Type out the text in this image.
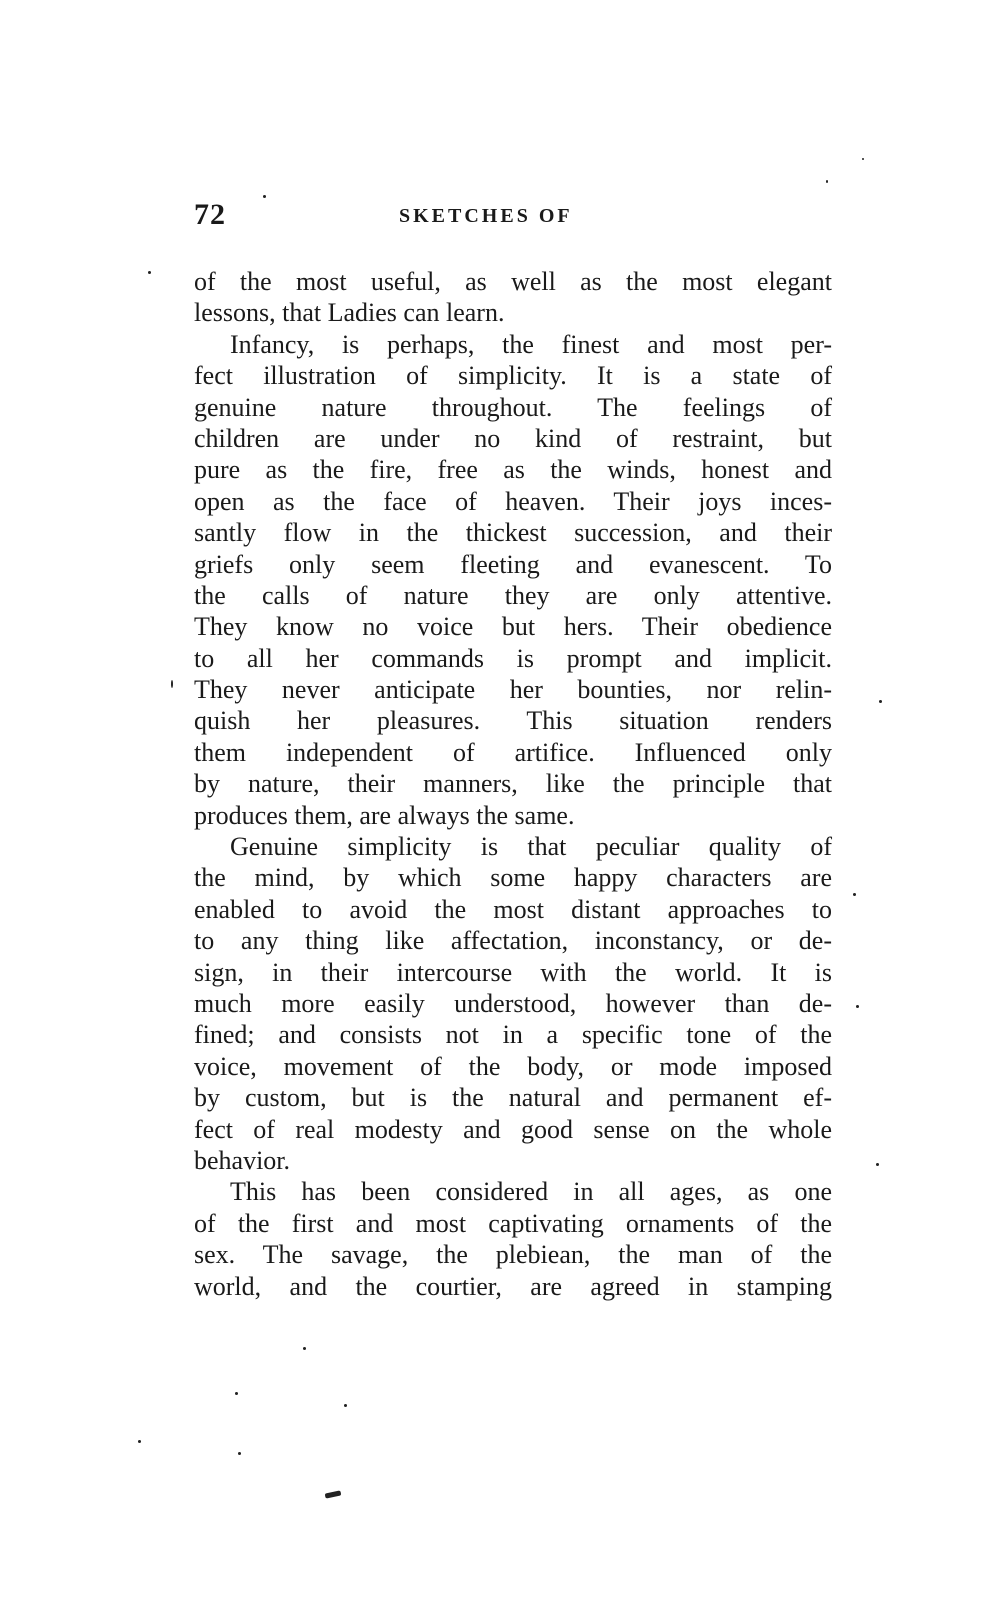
72	SKETCHES OF
of the most useful, as well as the most elegant
lessons, that Ladies can learn.
Infancy, is perhaps, the finest and most per-
fect illustration of simplicity. It is a state of
genuine nature throughout. The feelings of
children are under no kind of restraint, but
pure as the fire, free as the winds, honest and
open as the face of heaven. Their joys inces-
santly flow in the thickest succession, and their
griefs only seem fleeting and evanescent. To
the calls of nature they are only attentive.
They know no voice but hers. Their obedience
to all her commands is prompt and implicit.
They never anticipate her bounties, nor relin-
quish her pleasures. This situation renders
them independent of artifice. Influenced only
by nature, their manners, like the principle that
produces them, are always the same.
Genuine simplicity is that peculiar quality of
the mind, by which some happy characters are
enabled to avoid the most distant approaches to
to any thing like affectation, inconstancy, or de-
sign, in their intercourse with the world. It is
much more easily understood, however than de-
fined; and consists not in a specific tone of the
voice, movement of the body, or mode imposed
by custom, but is the natural and permanent ef-
fect of real modesty and good sense on the whole
behavior.
This has been considered in all ages, as one
of the first and most captivating ornaments of the
sex. The savage, the plebiean, the man of the
world, and the courtier, are agreed in stamping
